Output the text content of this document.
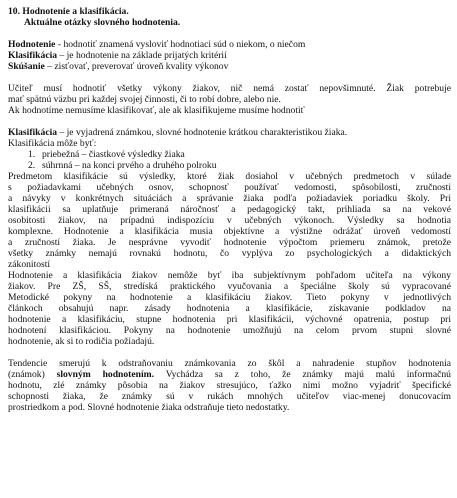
10. Hodnotenie a klasifikácia.
Aktuálne otázky slovného hodnotenia.
Hodnotenie - hodnotiť znamená vysloviť hodnotiaci súd o niekom, o niečom
Klasifikácia – je hodnotenie na základe prijatých kritérií
Skúšanie – zisťovať, preverovať úroveň kvality výkonov
Učiteľ musí hodnotiť všetky výkony žiakov, nič nemá zostať nepovšimnuté. Žiak potrebuje
mať spätnú väzbu pri každej svojej činnosti, či to robí dobre, alebo nie.
Ak hodnotíme nemusíme klasifikovať, ale ak klasifikujeme musíme hodnotiť
Klasifikácia – je vyjadrená známkou, slovné hodnotenie krátkou charakteristikou žiaka.
Klasifikácia môže byť:
1. priebežná – čiastkové výsledky žiaka
2. súhrnná – na konci prvého a druhého polroku
Predmetom klasifikácie sú výsledky, ktoré žiak dosiahol v učebných predmetoch v súlade
s požiadavkami učebných osnov, schopnosť používať vedomosti, spôsobilosti, zručnosti
a návyky v konkrétnych situáciách a správanie žiaka podľa požiadaviek poriadku školy. Pri
klasifikácii sa uplatňuje primeraná náročnosť a pedagogický takt, prihliada sa na vekové
osobitosti žiakov, na prípadnú indispozíciu v učebných výkonoch. Výsledky sa hodnotia
komplexne. Hodnotenie a klasifikácia musia objektívne a výstižne odrážať úroveň vedomostí
a zručností žiaka. Je nesprávne vyvodiť hodnotenie výpočtom priemeru známok, pretože
všetky známky nemajú rovnakú hodnotu, čo vyplýva zo psychologických a didaktických
zákonitostí
Hodnotenie a klasifikácia žiakov nemôže byť iba subjektívnym pohľadom učiteľa na výkony
žiakov. Pre ZŠ, SŠ, stredíská praktického vyučovania a špeciálne školy sú vypracované
Metodické pokyny na hodnotenie a klasifikáciu žiakov. Tieto pokyny v jednotlivých
článkoch obsahujú napr. zásady hodnotenia a klasifikácie, získavanie podkladov na
hodnotenie a klasifikáciu, stupne hodnotenia pri klasifikácii, výchovné opatrenia, postup pri
hodnotení klasifikáciou. Pokyny na hodnotenie umožňujú na celom prvom stupni slovné
hodnotenie, ak si to rodičia požiadajú.
Tendencie smerujú k odstraňovaniu známkovania zo škôl a nahradenie stupňov hodnotenia
(známok) slovným hodnotením. Vychádza sa z toho, že známky majú malú informačnú
hodnotu, zlé známky pôsobia na žiakov stresujúco, ťažko nimi možno vyjadriť špecifické
schopnosti žiaka, že známky sú v rukách mnohých učiteľov viac-menej donucovacím
prostriedkom a pod. Slovné hodnotenie žiaka odstraňuje tieto nedostatky.
